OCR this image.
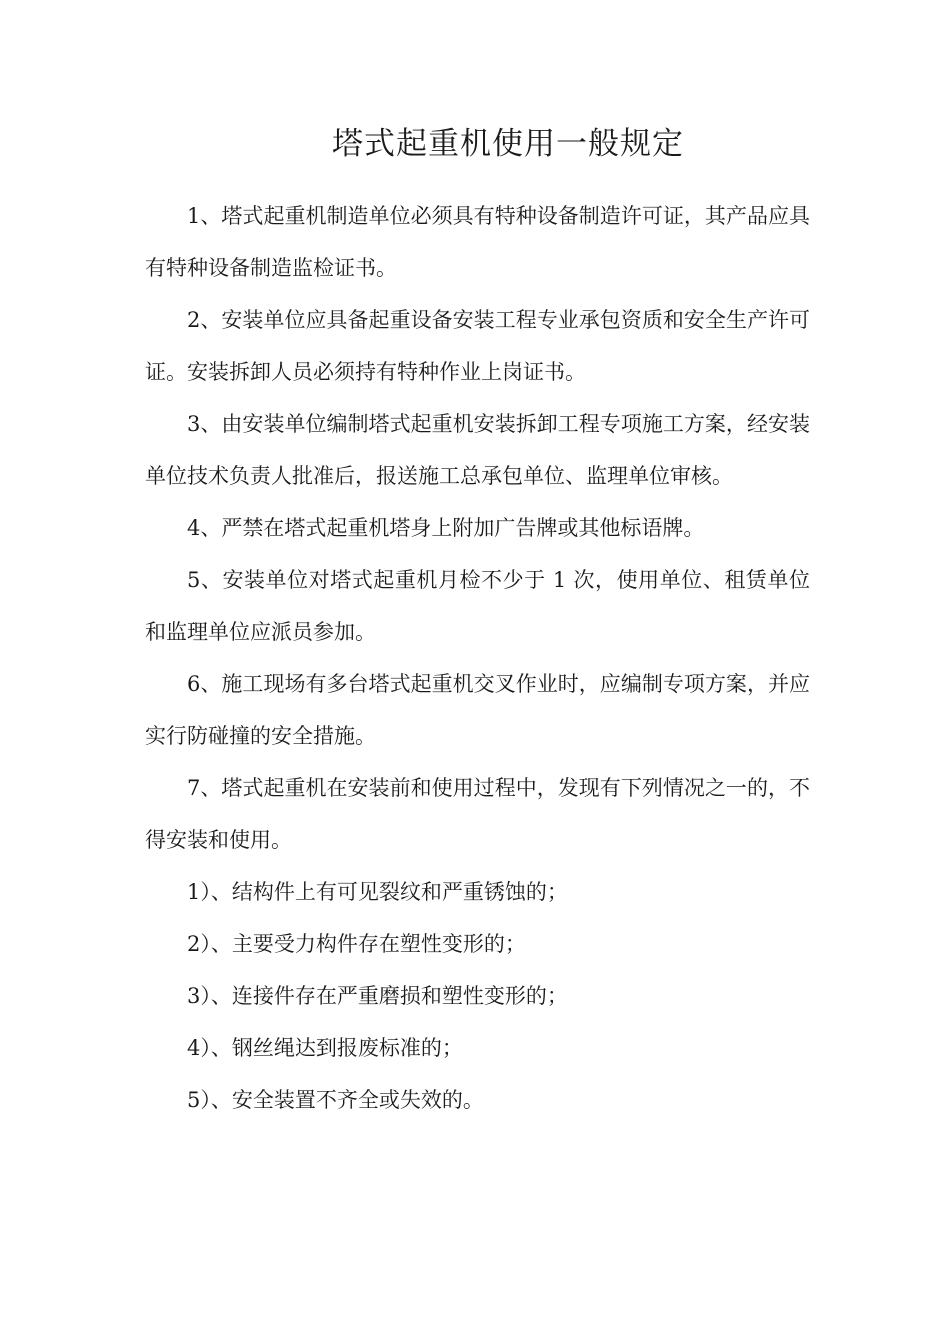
塔式起重机使用一般规定

1、塔式起重机制造单位必须具有特种设备制造许可证，其产品应具有特种设备制造监检证书。

2、安装单位应具备起重设备安装工程专业承包资质和安全生产许可证。安装拆卸人员必须持有特种作业上岗证书。

3、由安装单位编制塔式起重机安装拆卸工程专项施工方案，经安装单位技术负责人批准后，报送施工总承包单位、监理单位审核。

4、严禁在塔式起重机塔身上附加广告牌或其他标语牌。

5、安装单位对塔式起重机月检不少于 1 次，使用单位、租赁单位和监理单位应派员参加。

6、施工现场有多台塔式起重机交叉作业时，应编制专项方案，并应实行防碰撞的安全措施。

7、塔式起重机在安装前和使用过程中，发现有下列情况之一的，不得安装和使用。

1）、结构件上有可见裂纹和严重锈蚀的；

2）、主要受力构件存在塑性变形的；

3）、连接件存在严重磨损和塑性变形的；

4）、钢丝绳达到报废标准的；

5）、安全装置不齐全或失效的。
